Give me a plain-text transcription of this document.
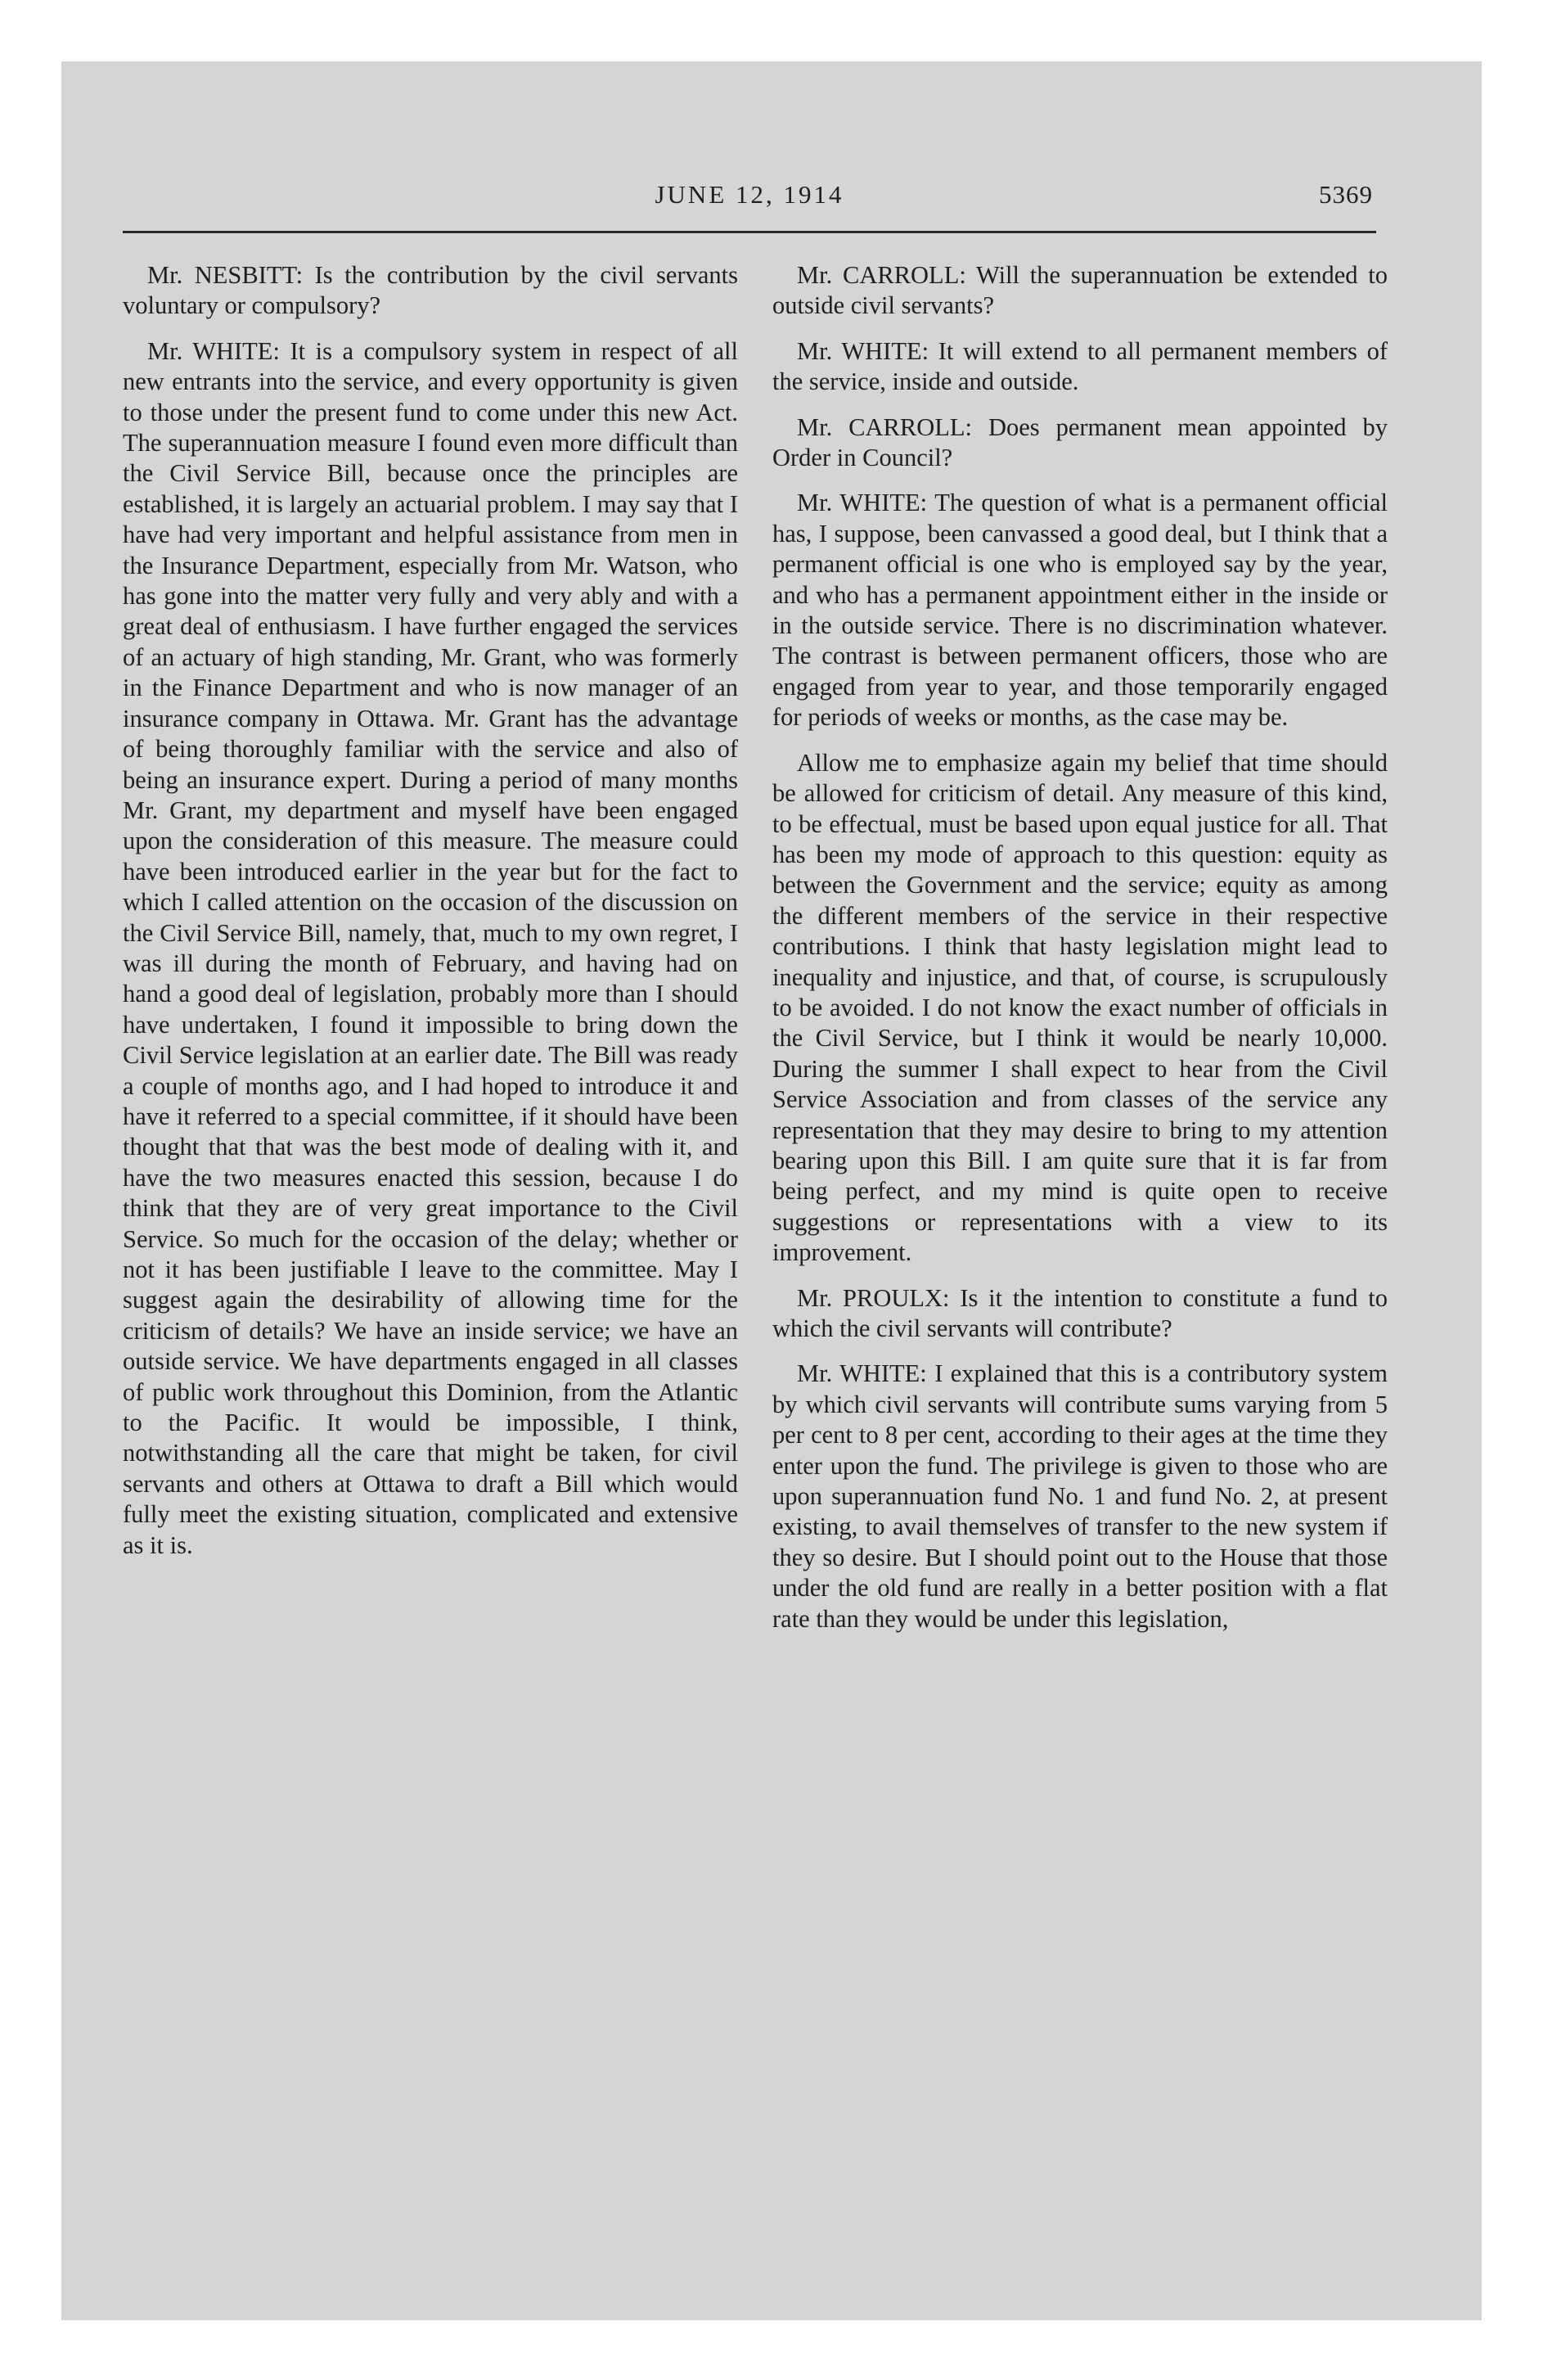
JUNE 12, 1914	5369

Mr. NESBITT: Is the contribution by the civil servants voluntary or compulsory?

Mr. WHITE: It is a compulsory system in respect of all new entrants into the service, and every opportunity is given to those under the present fund to come under this new Act. The superannuation measure I found even more difficult than the Civil Service Bill, because once the principles are established, it is largely an actuarial problem. I may say that I have had very important and helpful assistance from men in the Insurance Department, especially from Mr. Watson, who has gone into the matter very fully and very ably and with a great deal of enthusiasm. I have further engaged the services of an actuary of high standing, Mr. Grant, who was formerly in the Finance Department and who is now manager of an insurance company in Ottawa. Mr. Grant has the advantage of being thoroughly familiar with the service and also of being an insurance expert. During a period of many months Mr. Grant, my department and myself have been engaged upon the consideration of this measure. The measure could have been introduced earlier in the year but for the fact to which I called attention on the occasion of the discussion on the Civil Service Bill, namely, that, much to my own regret, I was ill during the month of February, and having had on hand a good deal of legislation, probably more than I should have undertaken, I found it impossible to bring down the Civil Service legislation at an earlier date. The Bill was ready a couple of months ago, and I had hoped to introduce it and have it referred to a special committee, if it should have been thought that that was the best mode of dealing with it, and have the two measures enacted this session, because I do think that they are of very great importance to the Civil Service. So much for the occasion of the delay; whether or not it has been justifiable I leave to the committee. May I suggest again the desirability of allowing time for the criticism of details? We have an inside service; we have an outside service. We have departments engaged in all classes of public work throughout this Dominion, from the Atlantic to the Pacific. It would be impossible, I think, notwithstanding all the care that might be taken, for civil servants and others at Ottawa to draft a Bill which would fully meet the existing situation, complicated and extensive as it is.

Mr. CARROLL: Will the superannuation be extended to outside civil servants?

Mr. WHITE: It will extend to all permanent members of the service, inside and outside.

Mr. CARROLL: Does permanent mean appointed by Order in Council?

Mr. WHITE: The question of what is a permanent official has, I suppose, been canvassed a good deal, but I think that a permanent official is one who is employed say by the year, and who has a permanent appointment either in the inside or in the outside service. There is no discrimination whatever. The contrast is between permanent officers, those who are engaged from year to year, and those temporarily engaged for periods of weeks or months, as the case may be.

Allow me to emphasize again my belief that time should be allowed for criticism of detail. Any measure of this kind, to be effectual, must be based upon equal justice for all. That has been my mode of approach to this question: equity as between the Government and the service; equity as among the different members of the service in their respective contributions. I think that hasty legislation might lead to inequality and injustice, and that, of course, is scrupulously to be avoided. I do not know the exact number of officials in the Civil Service, but I think it would be nearly 10,000. During the summer I shall expect to hear from the Civil Service Association and from classes of the service any representation that they may desire to bring to my attention bearing upon this Bill. I am quite sure that it is far from being perfect, and my mind is quite open to receive suggestions or representations with a view to its improvement.

Mr. PROULX: Is it the intention to constitute a fund to which the civil servants will contribute?

Mr. WHITE: I explained that this is a contributory system by which civil servants will contribute sums varying from 5 per cent to 8 per cent, according to their ages at the time they enter upon the fund. The privilege is given to those who are upon superannuation fund No. 1 and fund No. 2, at present existing, to avail themselves of transfer to the new system if they so desire. But I should point out to the House that those under the old fund are really in a better position with a flat rate than they would be under this legislation,
